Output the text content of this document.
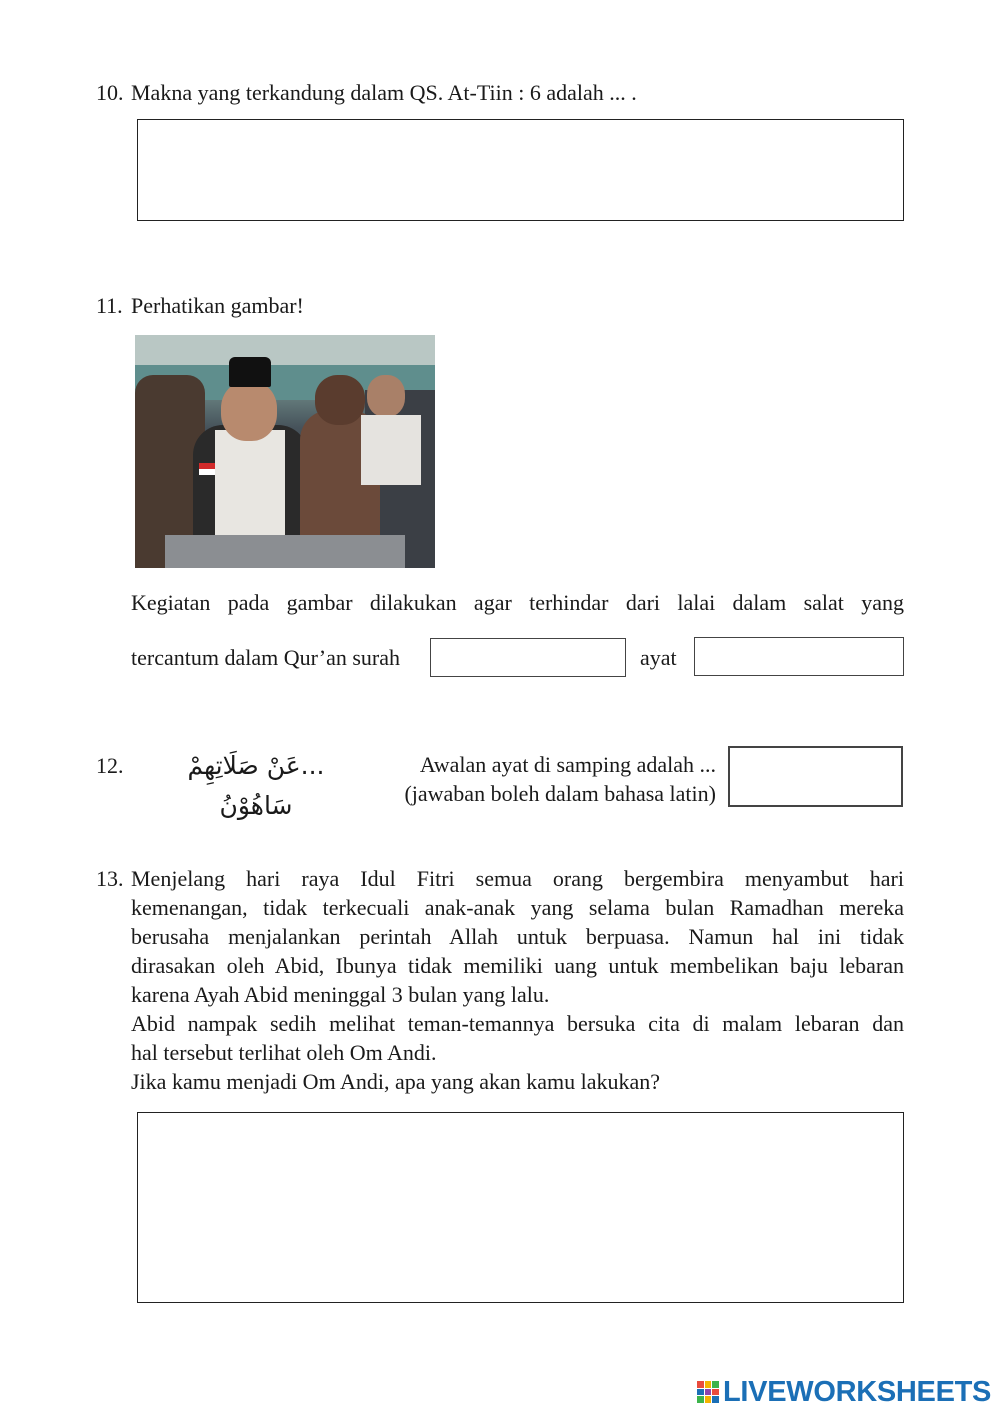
10. Makna yang terkandung dalam QS. At-Tiin : 6 adalah ... .
11. Perhatikan gambar!
Kegiatan pada gambar dilakukan agar terhindar dari lalai dalam salat yang
tercantum dalam Qur’an surah	ayat
12.	...عَنْ صَلَاتِهِمْ سَاهُوْنُ
Awalan ayat di samping adalah ...
(jawaban boleh dalam bahasa latin)
13. Menjelang hari raya Idul Fitri semua orang bergembira menyambut hari
kemenangan, tidak terkecuali anak-anak yang selama bulan Ramadhan mereka
berusaha menjalankan perintah Allah untuk berpuasa. Namun hal ini tidak
dirasakan oleh Abid, Ibunya tidak memiliki uang untuk membelikan baju lebaran
karena Ayah Abid meninggal 3 bulan yang lalu.
Abid nampak sedih melihat teman-temannya bersuka cita di malam lebaran dan
hal tersebut terlihat oleh Om Andi.
Jika kamu menjadi Om Andi, apa yang akan kamu lakukan?
LIVEWORKSHEETS
